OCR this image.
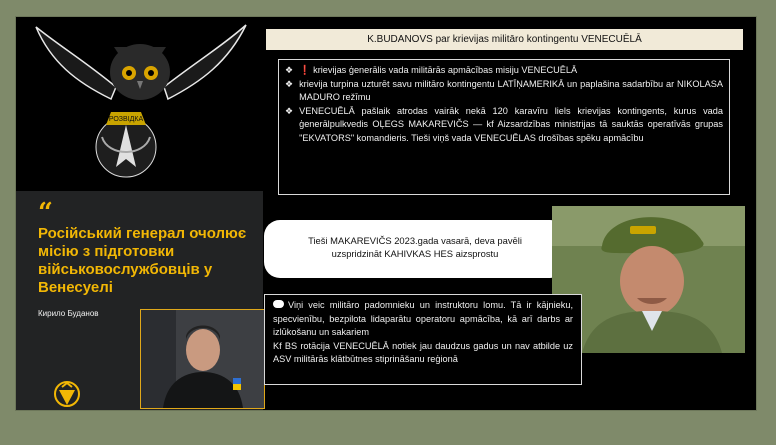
РОЗВІДКА
“
Російський генерал очолює місію з підготовки військовослужбовців у Венесуелі
Кирило Буданов
K.BUDANOVS par krievijas militāro kontingentu VENECUĒLĀ
❖ ❗ krievijas ģenerālis vada militārās apmācības misiju VENECUĒLĀ
❖ krievija turpina uzturēt savu militāro kontingentu LATĪŅAMERIKĀ un paplašina sadarbību ar NIKOLASA MADURO režīmu
❖ VENECUĒLĀ pašlaik atrodas vairāk nekā 120 karavīru liels krievijas kontingents, kurus vada ģenerālpulkvedis OĻEGS MAKAREVIČS — kf Aizsardzības ministrijas tā sauktās operatīvās grupas "EKVATORS" komandieris. Tieši viņš vada VENECUĒLAS drošības spēku apmācību
Tieši MAKAREVIČS 2023.gada vasarā, deva pavēli uzspridzināt KAHIVKAS HES aizsprostu
Viņi veic militāro padomnieku un instruktoru lomu. Tā ir kājnieku, specvienību, bezpilota lidaparātu operatoru apmācība, kā arī darbs ar izlūkošanu un sakariem
Kf BS rotācija VENECUĒLĀ notiek jau daudzus gadus un nav atbilde uz ASV militārās klātbūtnes stiprināšanu reģionā
